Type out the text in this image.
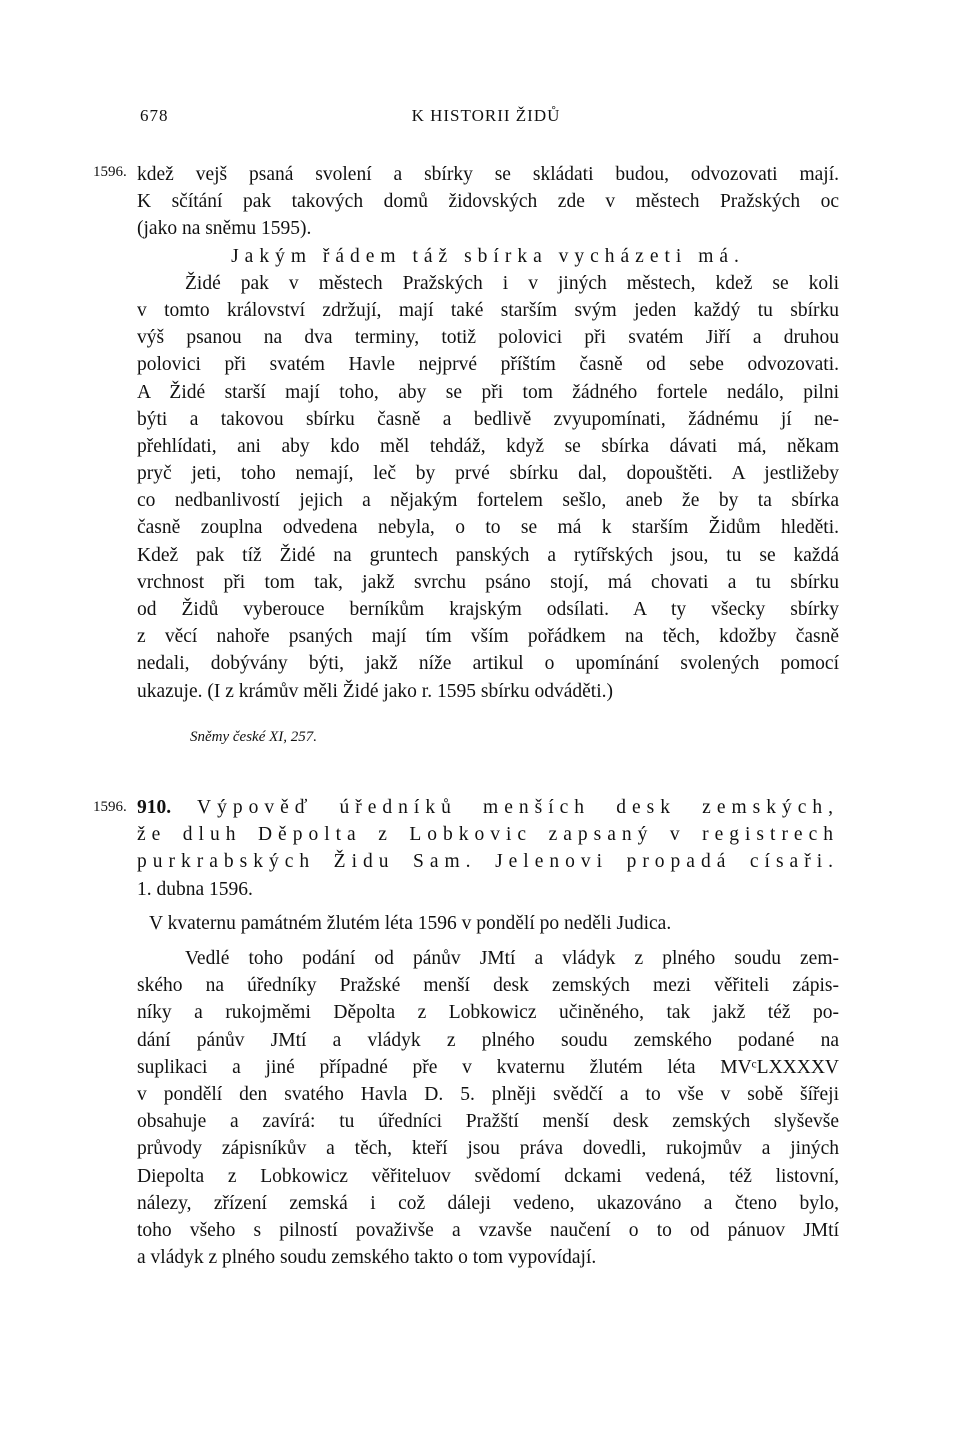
678	K HISTORII ŽIDŮ
1596. kdež vejš psaná svolení a sbírky se skládati budou, odvozovati mají.
K sčítání pak takových domů židovských zde v městech Pražských oc
(jako na sněmu 1595).
Jakým řádem táž sbírka vycházeti má.
Židé pak v městech Pražských i v jiných městech, kdež se koli
v tomto království zdržují, mají také starším svým jeden každý tu sbírku
výš psanou na dva terminy, totiž polovici při svatém Jiří a druhou
polovici při svatém Havle nejprvé příštím časně od sebe odvozovati.
A Židé starší mají toho, aby se při tom žádného fortele nedálo, pilni
býti a takovou sbírku časně a bedlivě zvyupomínati, žádnému jí ne-
přehlídati, ani aby kdo měl tehdáž, když se sbírka dávati má, někam
pryč jeti, toho nemají, leč by prvé sbírku dal, dopouštěti. A jestližeby
co nedbanlivostí jejich a nějakým fortelem sešlo, aneb že by ta sbírka
časně zouplna odvedena nebyla, o to se má k starším Židům hleděti.
Kdež pak tíž Židé na gruntech panských a rytířských jsou, tu se každá
vrchnost při tom tak, jakž svrchu psáno stojí, má chovati a tu sbírku
od Židů vyberouce berníkům krajským odsílati. A ty všecky sbírky
z věcí nahoře psaných mají tím vším pořádkem na těch, kdožby časně
nedali, dobývány býti, jakž níže artikul o upomínání svolených pomocí
ukazuje. (I z krámův měli Židé jako r. 1595 sbírku odváděti.)
Sněmy české XI, 257.
1596. 910. Výpověď úředníků menších desk zemských,
že dluh Děpolta z Lobkovic zapsaný v registrech
purkrabských Židu Sam. Jelenovi propadá císaři.
1. dubna 1596.
V kvaternu památném žlutém léta 1596 v pondělí po neděli Judica.
Vedlé toho podání od pánův JMtí a vládyk z plného soudu zem-
ského na úředníky Pražské menší desk zemských mezi věřiteli zápis-
níky a rukojměmi Děpolta z Lobkowicz učiněného, tak jakž též po-
dání pánův JMtí a vládyk z plného soudu zemského podané na
suplikaci a jiné případné pře v kvaternu žlutém léta MVᶜLXXXXV
v pondělí den svatého Havla D. 5. plněji svědčí a to vše v sobě šířeji
obsahuje a zavírá: tu úředníci Pražští menší desk zemských slyševše
průvody zápisníkův a těch, kteří jsou práva dovedli, rukojmův a jiných
Diepolta z Lobkowicz věřiteluov svědomí dckami vedená, též listovní,
nálezy, zřízení zemská i což dáleji vedeno, ukazováno a čteno bylo,
toho všeho s pilností považivše a vzavše naučení o to od pánuov JMtí
a vládyk z plného soudu zemského takto o tom vypovídají.
